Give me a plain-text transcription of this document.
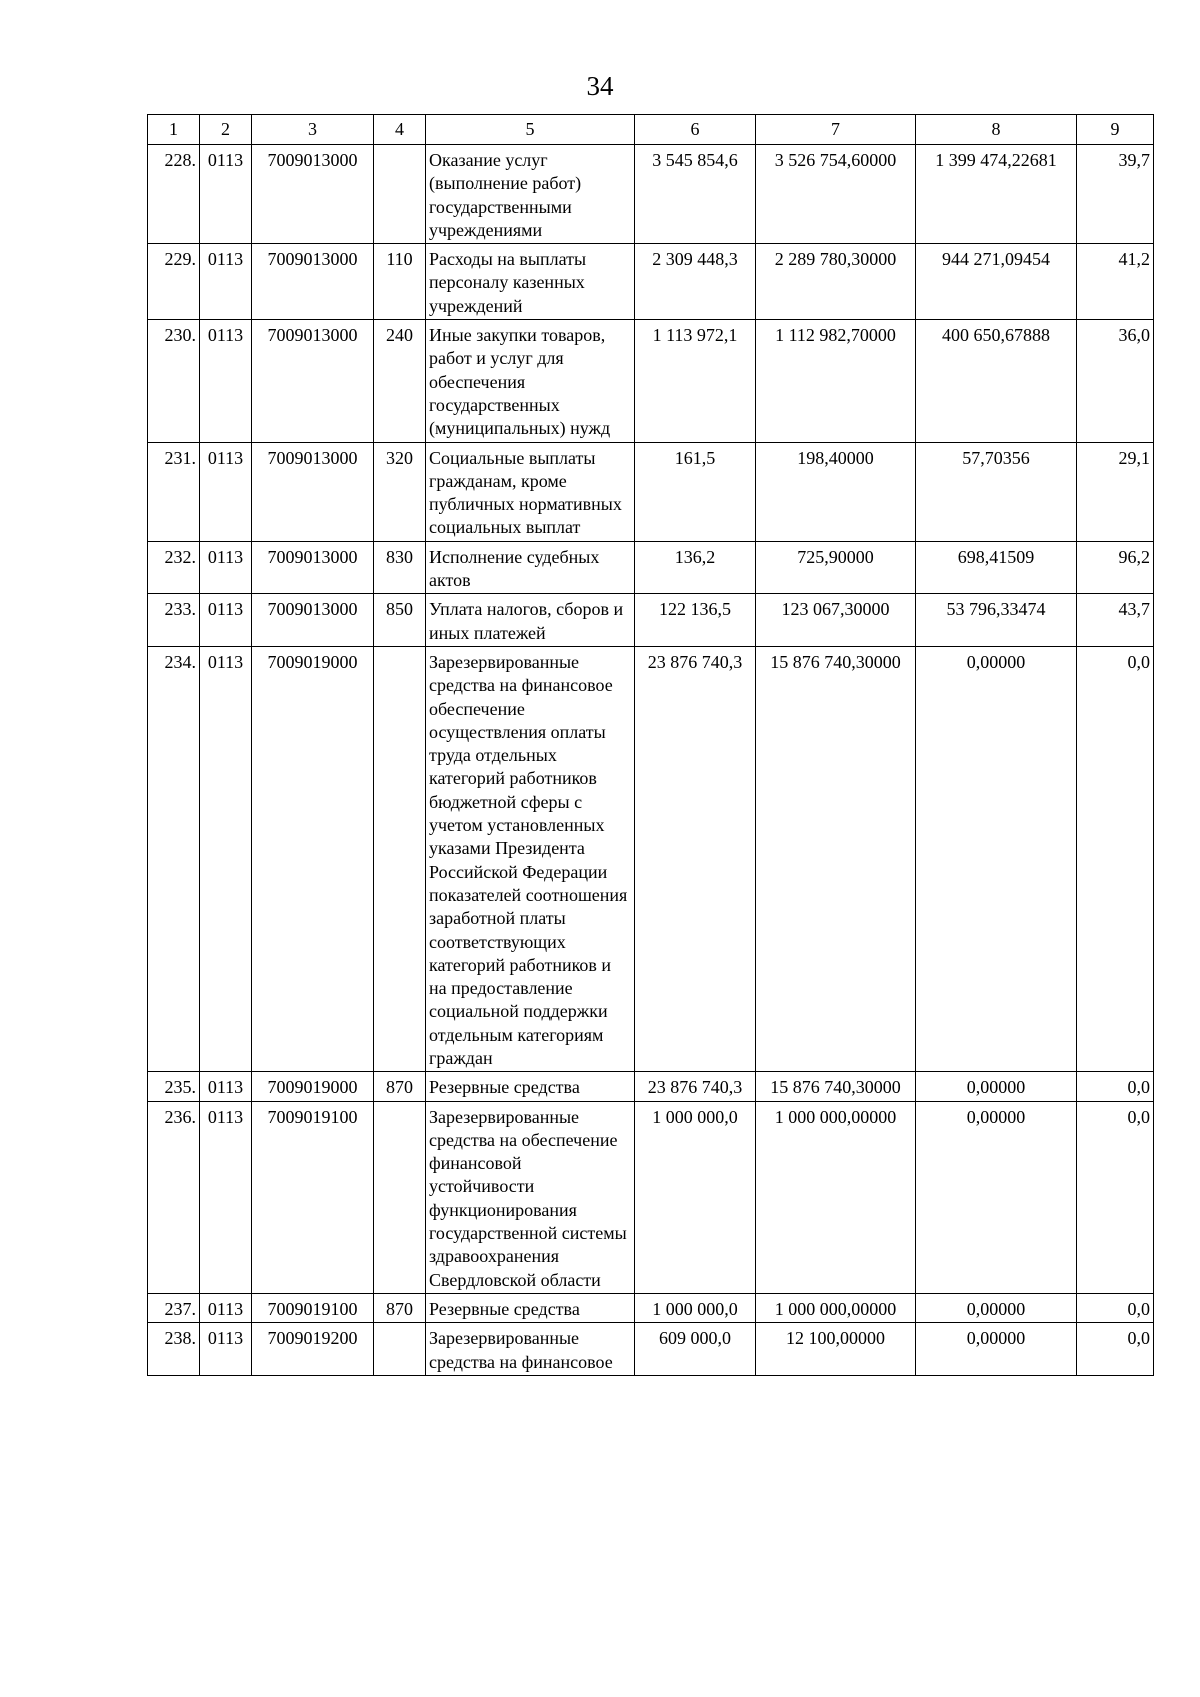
34
1	2	3	4	5	6	7	8	9
228.	0113	7009013000		Оказание услуг (выполнение работ) государственными учреждениями	3 545 854,6	3 526 754,60000	1 399 474,22681	39,7
229.	0113	7009013000	110	Расходы на выплаты персоналу казенных учреждений	2 309 448,3	2 289 780,30000	944 271,09454	41,2
230.	0113	7009013000	240	Иные закупки товаров, работ и услуг для обеспечения государственных (муниципальных) нужд	1 113 972,1	1 112 982,70000	400 650,67888	36,0
231.	0113	7009013000	320	Социальные выплаты гражданам, кроме публичных нормативных социальных выплат	161,5	198,40000	57,70356	29,1
232.	0113	7009013000	830	Исполнение судебных актов	136,2	725,90000	698,41509	96,2
233.	0113	7009013000	850	Уплата налогов, сборов и иных платежей	122 136,5	123 067,30000	53 796,33474	43,7
234.	0113	7009019000		Зарезервированные средства на финансовое обеспечение осуществления оплаты труда отдельных категорий работников бюджетной сферы с учетом установленных указами Президента Российской Федерации показателей соотношения заработной платы соответствующих категорий работников и на предоставление социальной поддержки отдельным категориям граждан	23 876 740,3	15 876 740,30000	0,00000	0,0
235.	0113	7009019000	870	Резервные средства	23 876 740,3	15 876 740,30000	0,00000	0,0
236.	0113	7009019100		Зарезервированные средства на обеспечение финансовой устойчивости функционирования государственной системы здравоохранения Свердловской области	1 000 000,0	1 000 000,00000	0,00000	0,0
237.	0113	7009019100	870	Резервные средства	1 000 000,0	1 000 000,00000	0,00000	0,0
238.	0113	7009019200		Зарезервированные средства на финансовое	609 000,0	12 100,00000	0,00000	0,0
